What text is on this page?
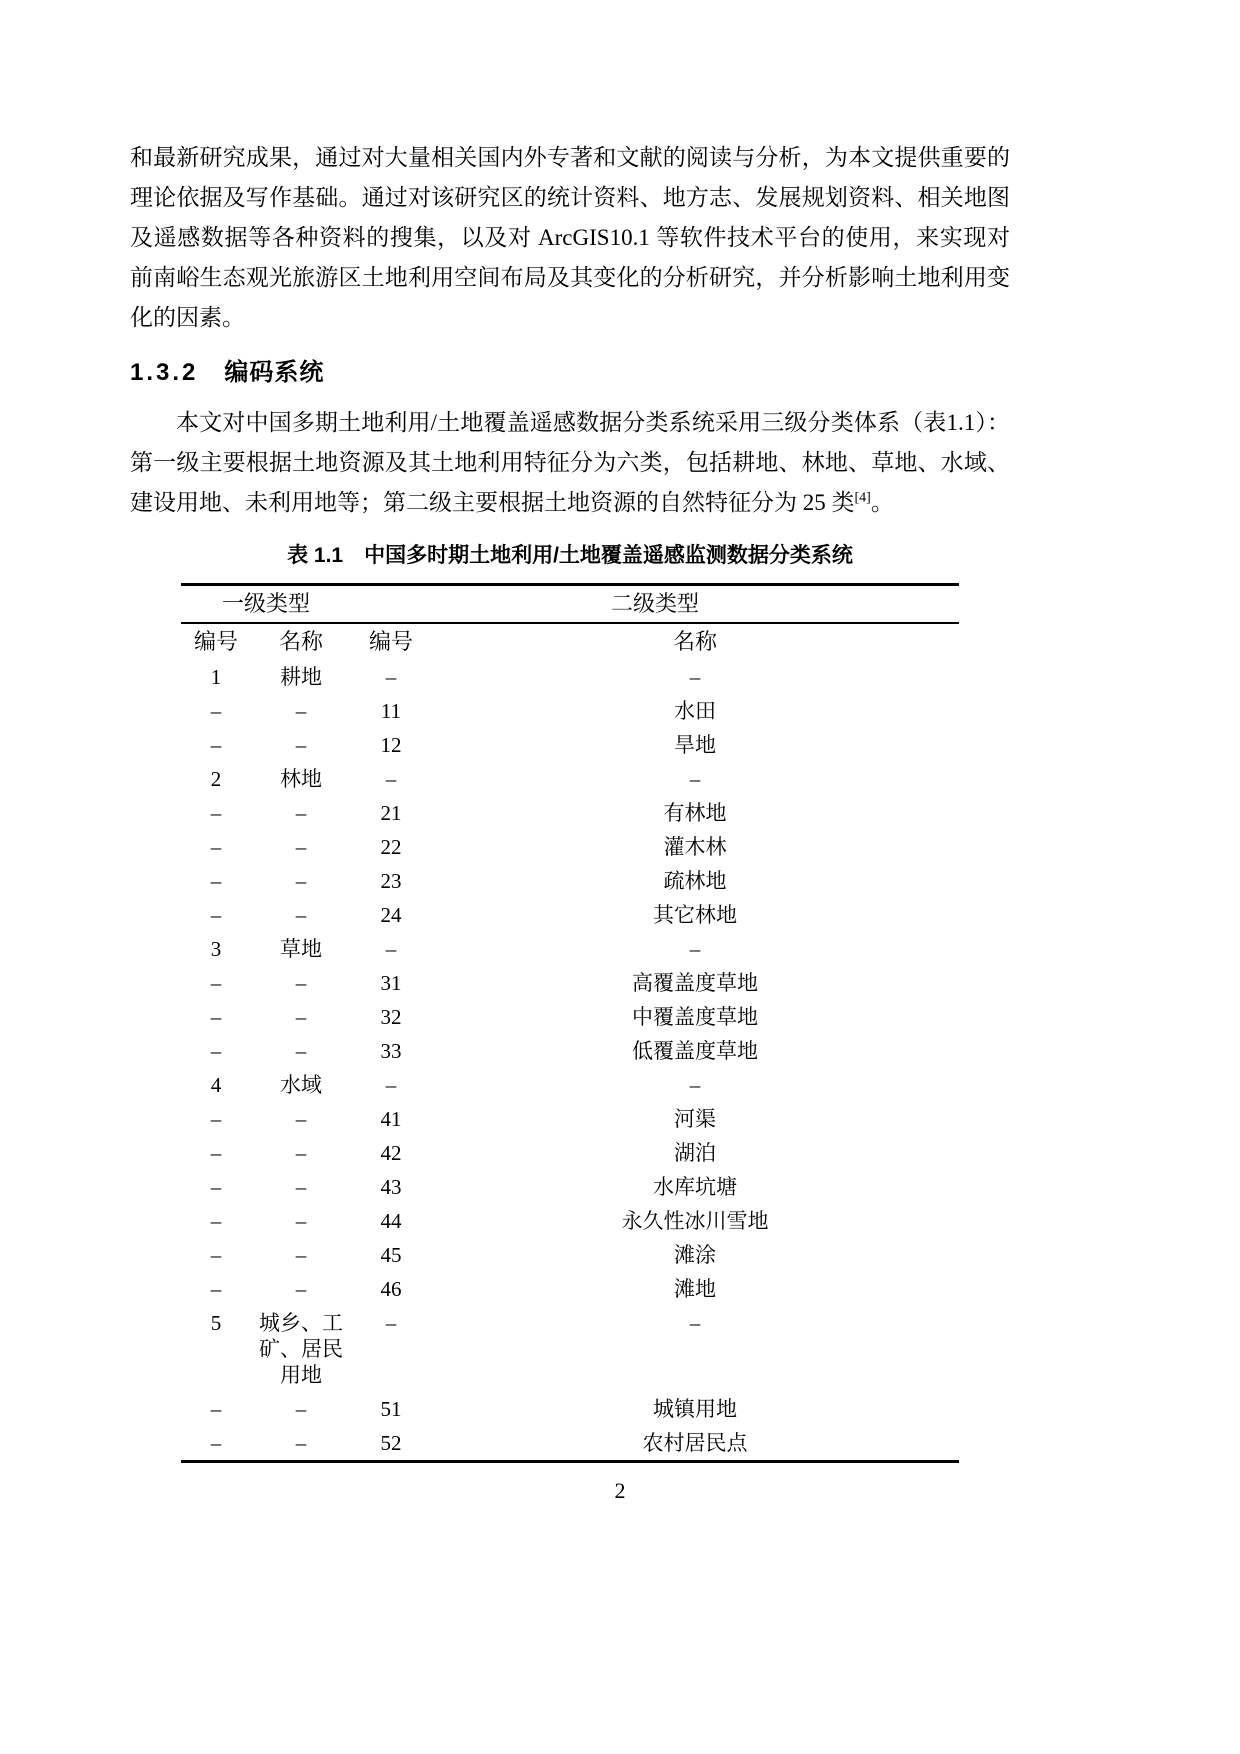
和最新研究成果，通过对大量相关国内外专著和文献的阅读与分析，为本文提供重要的理论依据及写作基础。通过对该研究区的统计资料、地方志、发展规划资料、相关地图及遥感数据等各种资料的搜集，以及对 ArcGIS10.1 等软件技术平台的使用，来实现对前南峪生态观光旅游区土地利用空间布局及其变化的分析研究，并分析影响土地利用变化的因素。

1.3.2 编码系统

本文对中国多期土地利用/土地覆盖遥感数据分类系统采用三级分类体系（表1.1）：第一级主要根据土地资源及其土地利用特征分为六类，包括耕地、林地、草地、水域、建设用地、未利用地等；第二级主要根据土地资源的自然特征分为 25 类[4]。

表 1.1　中国多时期土地利用/土地覆盖遥感监测数据分类系统
一级类型		二级类型	
编号	名称	编号	名称
1	耕地	–	–
–	–	11	水田
–	–	12	旱地
2	林地	–	–
–	–	21	有林地
–	–	22	灌木林
–	–	23	疏林地
–	–	24	其它林地
3	草地	–	–
–	–	31	高覆盖度草地
–	–	32	中覆盖度草地
–	–	33	低覆盖度草地
4	水域	–	–
–	–	41	河渠
–	–	42	湖泊
–	–	43	水库坑塘
–	–	44	永久性冰川雪地
–	–	45	滩涂
–	–	46	滩地
5	城乡、工矿、居民用地	–	–
–	–	51	城镇用地
–	–	52	农村居民点
2
